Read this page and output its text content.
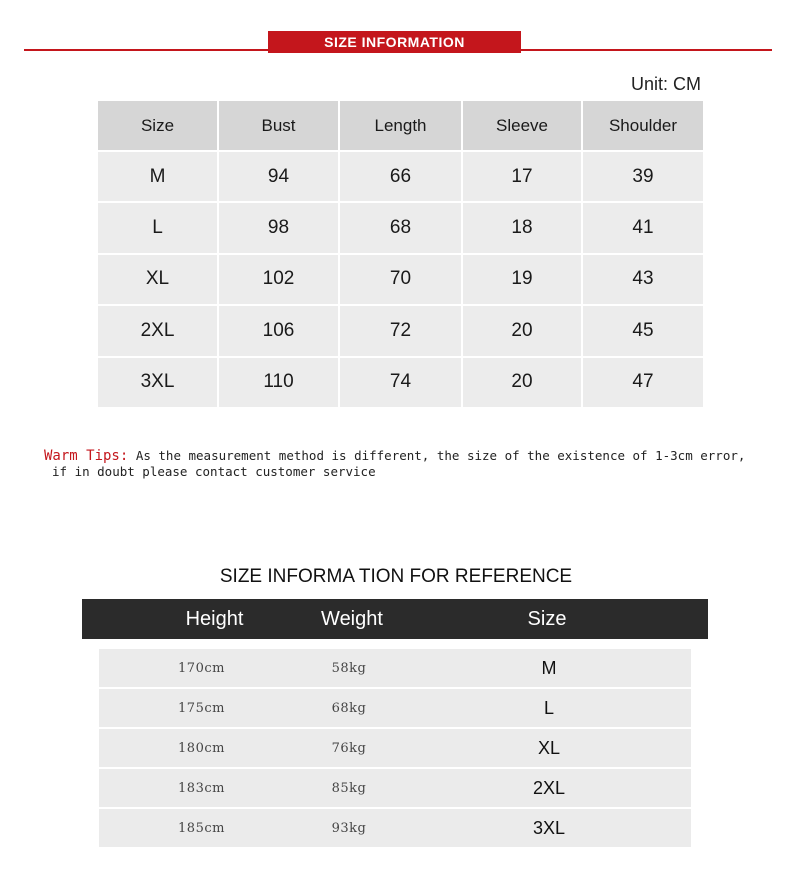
SIZE INFORMATION
Unit: CM
Size	Bust	Length	Sleeve	Shoulder
M	94	66	17	39
L	98	68	18	41
XL	102	70	19	43
2XL	106	72	20	45
3XL	110	74	20	47
Warm Tips: As the measurement method is different, the size of the existence of 1-3cm error,
if in doubt please contact customer service
SIZE INFORMA TION FOR REFERENCE
Height	Weight	Size
170cm	58kg	M
175cm	68kg	L
180cm	76kg	XL
183cm	85kg	2XL
185cm	93kg	3XL
